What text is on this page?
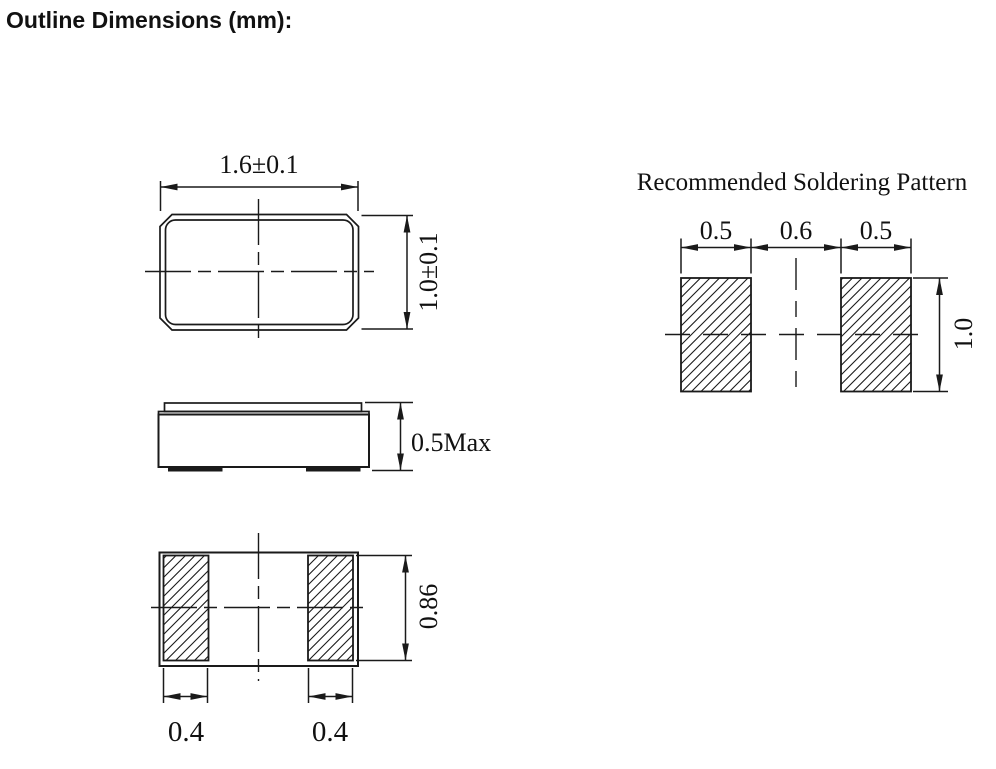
Outline Dimensions (mm):
1.6±0.1
1.0±0.1
0.5Max
0.86
0.4	0.4
Recommended Soldering Pattern
0.5 0.6 0.5
1.0
